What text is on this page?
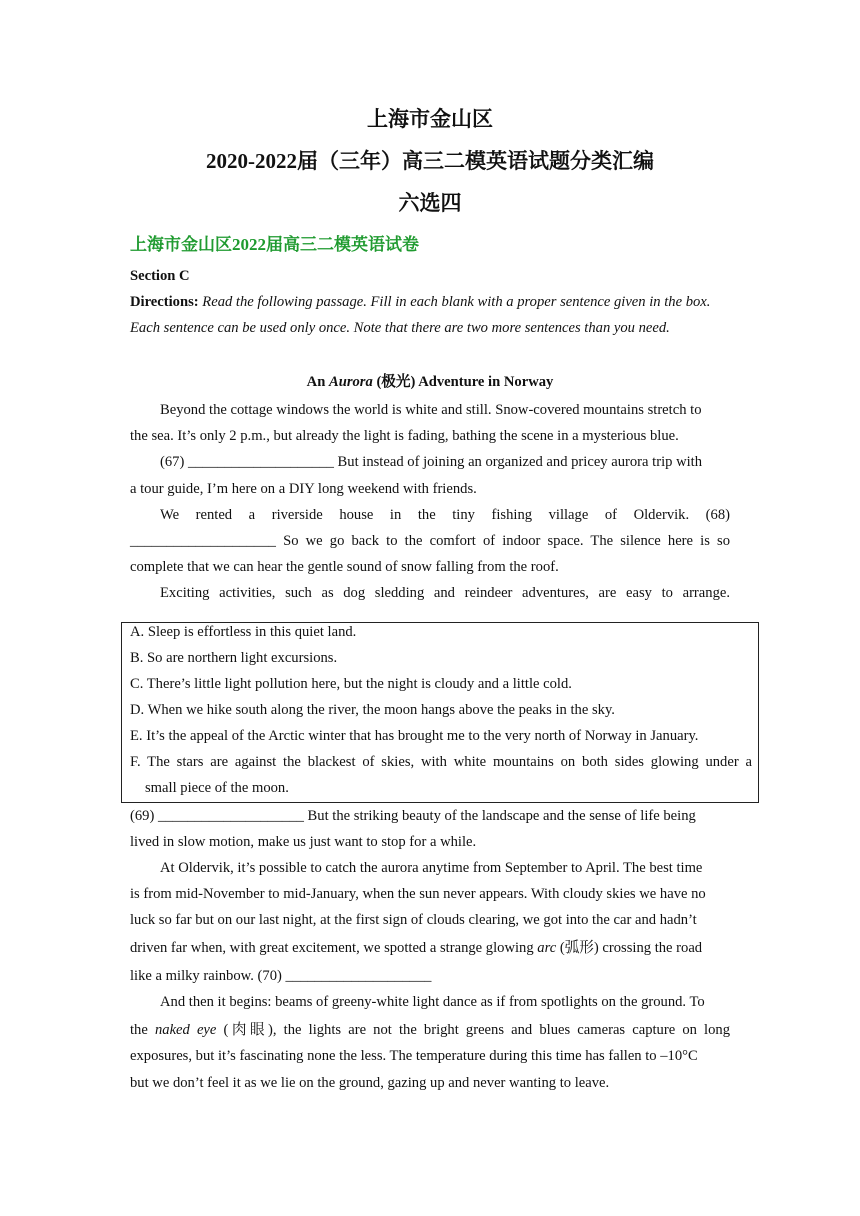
上海市金山区
2020-2022届（三年）高三二模英语试题分类汇编
六选四
上海市金山区2022届高三二模英语试卷
Section C
Directions: Read the following passage. Fill in each blank with a proper sentence given in the box.
Each sentence can be used only once. Note that there are two more sentences than you need.
An Aurora (极光) Adventure in Norway
Beyond the cottage windows the world is white and still. Snow-covered mountains stretch to
the sea. It’s only 2 p.m., but already the light is fading, bathing the scene in a mysterious blue.
(67) ____________________ But instead of joining an organized and pricey aurora trip with
a tour guide, I’m here on a DIY long weekend with friends.
We rented a riverside house in the tiny fishing village of Oldervik. (68)
____________________ So we go back to the comfort of indoor space. The silence here is so
complete that we can hear the gentle sound of snow falling from the roof.
Exciting activities, such as dog sledding and reindeer adventures, are easy to arrange.
A. Sleep is effortless in this quiet land.
B. So are northern light excursions.
C. There’s little light pollution here, but the night is cloudy and a little cold.
D. When we hike south along the river, the moon hangs above the peaks in the sky.
E. It’s the appeal of the Arctic winter that has brought me to the very north of Norway in January.
F. The stars are against the blackest of skies, with white mountains on both sides glowing under a
small piece of the moon.
(69) ____________________ But the striking beauty of the landscape and the sense of life being
lived in slow motion, make us just want to stop for a while.
At Oldervik, it’s possible to catch the aurora anytime from September to April. The best time
is from mid-November to mid-January, when the sun never appears. With cloudy skies we have no
luck so far but on our last night, at the first sign of clouds clearing, we got into the car and hadn’t
driven far when, with great excitement, we spotted a strange glowing arc (弧形) crossing the road
like a milky rainbow. (70) ____________________
And then it begins: beams of greeny-white light dance as if from spotlights on the ground. To
the naked eye (肉眼), the lights are not the bright greens and blues cameras capture on long
exposures, but it’s fascinating none the less. The temperature during this time has fallen to –10°C
but we don’t feel it as we lie on the ground, gazing up and never wanting to leave.
